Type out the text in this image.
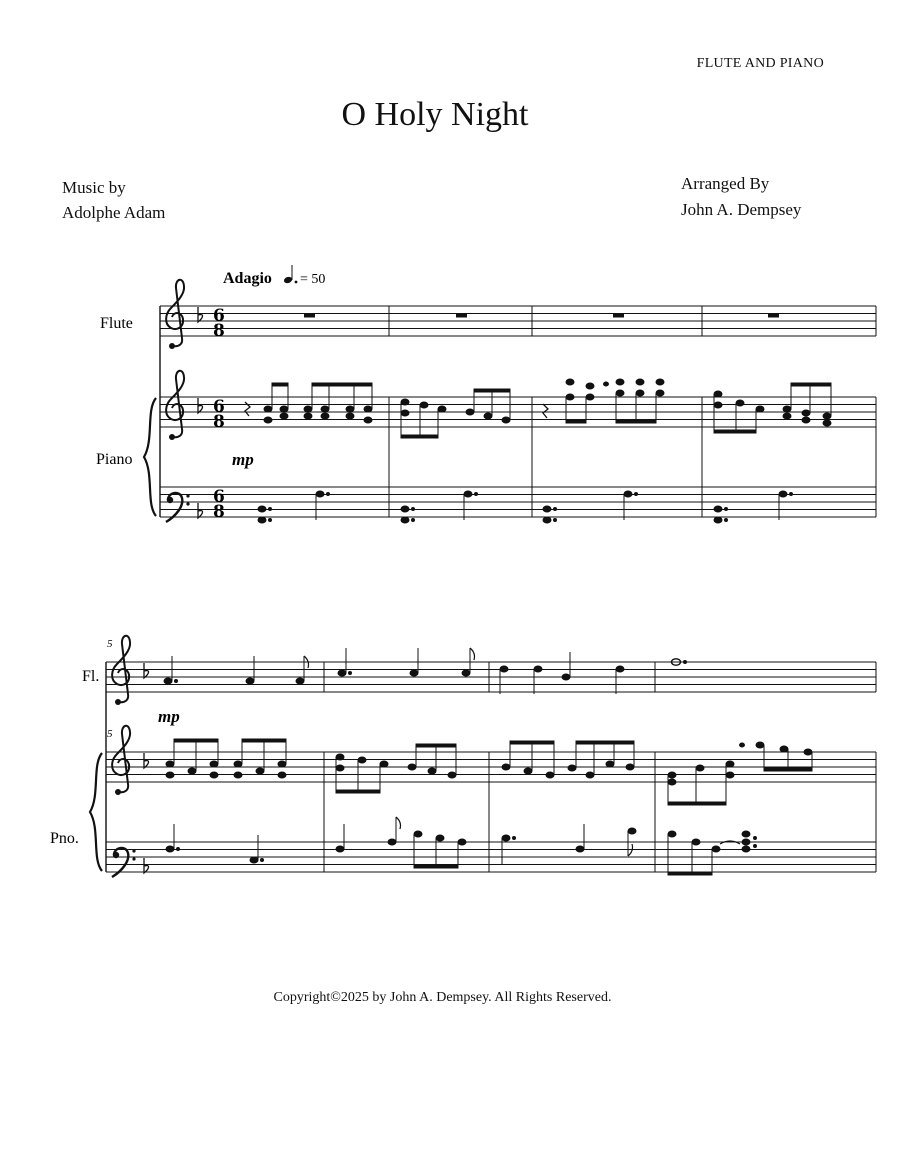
FLUTE AND PIANO
O Holy Night
Music by
Adolphe Adam
Arranged By
John A. Dempsey
Adagio = 50
Flute
Piano
Fl.
Pno.
6
8
6
8
6
8
mp
mp
5
5
Copyright©2025 by John A. Dempsey. All Rights Reserved.
